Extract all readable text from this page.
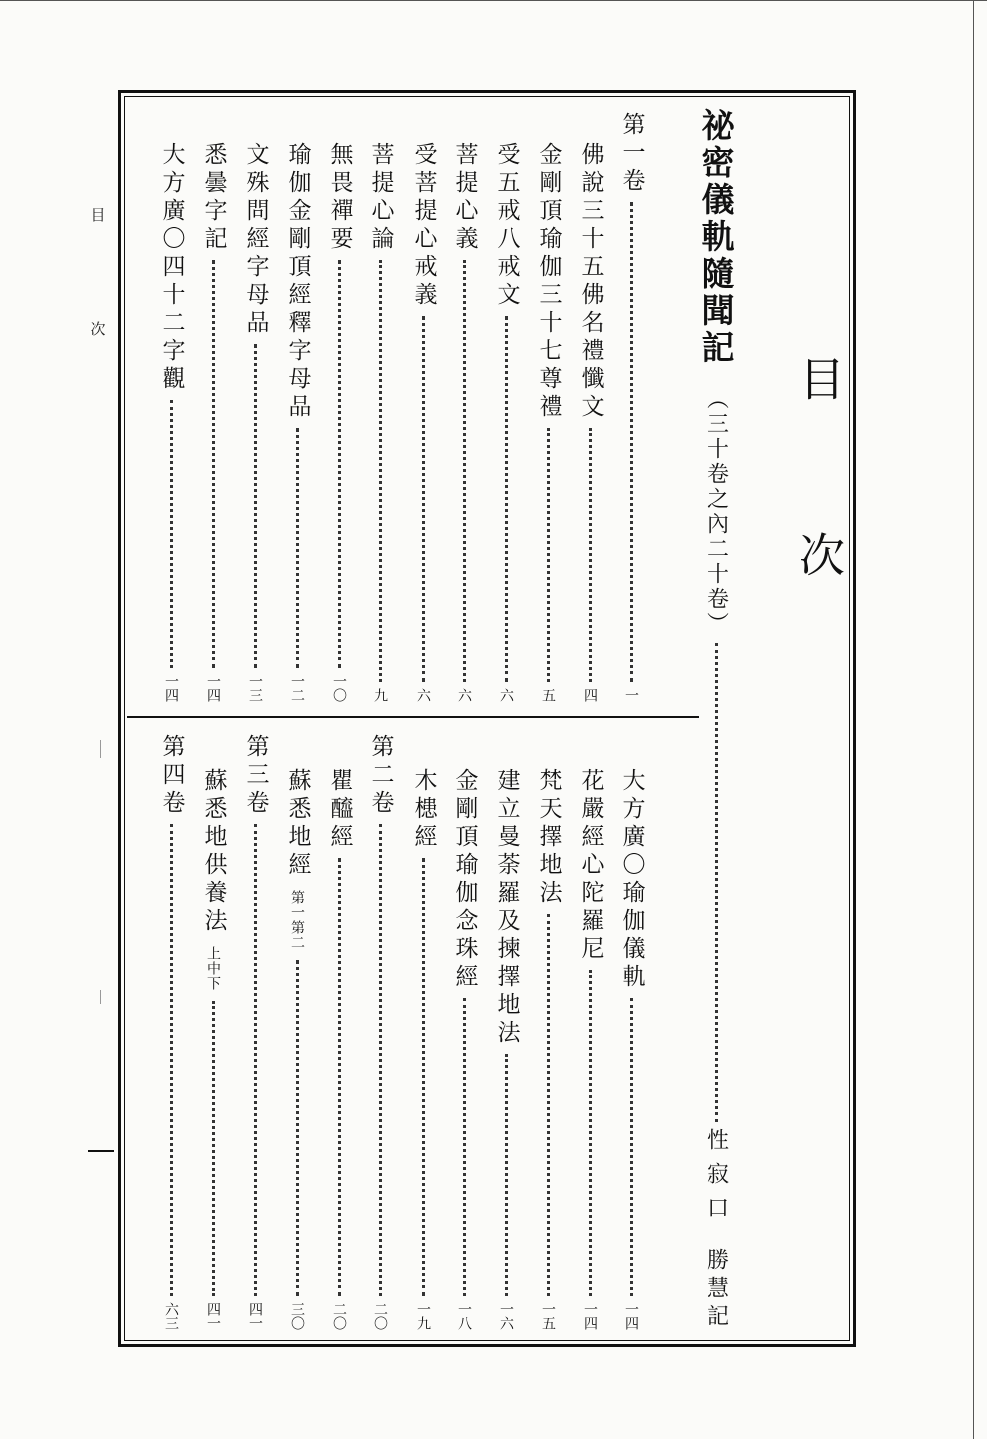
目
次
目次
祕密儀軌隨聞記
（三十卷之內二十卷）
性寂口
勝慧記
第一卷
一
佛說三十五佛名禮懺文
四
金剛頂瑜伽三十七尊禮
五
受五戒八戒文
六
菩提心義
六
受菩提心戒義
六
菩提心論
九
無畏禪要
一〇
瑜伽金剛頂經釋字母品
一二
文殊問經字母品
一三
悉曇字記
一四
大方廣〇四十二字觀
一四
大方廣〇瑜伽儀軌
一四
花嚴經心陀羅尼
一四
梵天擇地法
一五
建立曼荼羅及揀擇地法
一六
金剛頂瑜伽念珠經
一八
木槵經
一九
第二卷
二〇
瞿醯經
二〇
蘇悉地經
第一第二
三〇
第三卷
四一
蘇悉地供養法
上中下
四一
第四卷
六三
